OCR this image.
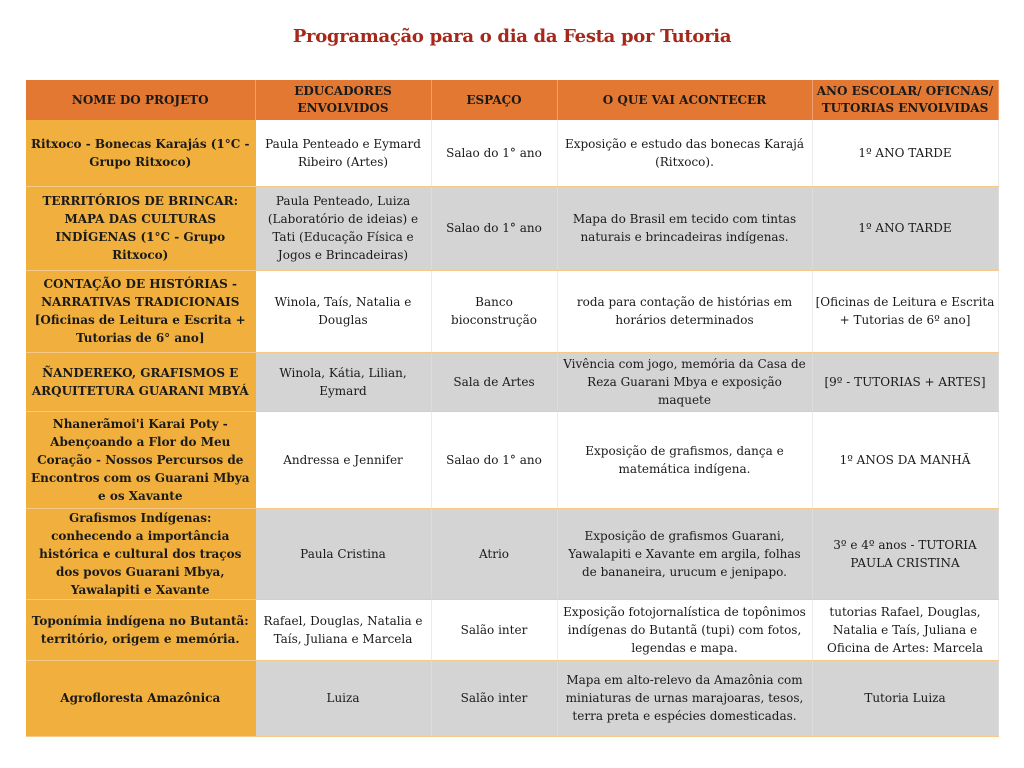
Programação para o dia da Festa por Tutoria
NOME DO PROJETO	EDUCADORES ENVOLVIDOS	ESPAÇO	O QUE VAI ACONTECER	ANO ESCOLAR/ OFICNAS/ TUTORIAS ENVOLVIDAS
Ritxoco - Bonecas Karajás (1°C - Grupo Ritxoco)	Paula Penteado e Eymard Ribeiro (Artes)	Salao do 1° ano	Exposição e estudo das bonecas Karajá (Ritxoco).	1º ANO TARDE
TERRITÓRIOS DE BRINCAR: MAPA DAS CULTURAS INDÍGENAS (1°C - Grupo Ritxoco)	Paula Penteado, Luiza (Laboratório de ideias) e Tati (Educação Física e Jogos e Brincadeiras)	Salao do 1° ano	Mapa do Brasil em tecido com tintas naturais e brincadeiras indígenas.	1º ANO TARDE
CONTAÇÃO DE HISTÓRIAS - NARRATIVAS TRADICIONAIS [Oficinas de Leitura e Escrita + Tutorias de 6° ano]	Winola, Taís, Natalia e Douglas	Banco bioconstrução	roda para contação de histórias em horários determinados	[Oficinas de Leitura e Escrita + Tutorias de 6º ano]
ÑANDEREKO, GRAFISMOS E ARQUITETURA GUARANI MBYÁ	Winola, Kátia, Lilian, Eymard	Sala de Artes	Vivência com jogo, memória da Casa de Reza Guarani Mbya e exposição maquete	[9º - TUTORIAS + ARTES]
Nhanerãmoi'i Karai Poty - Abençoando a Flor do Meu Coração - Nossos Percursos de Encontros com os Guarani Mbya e os Xavante	Andressa e Jennifer	Salao do 1° ano	Exposição de grafismos, dança e matemática indígena.	1º ANOS DA MANHÃ
Grafismos Indígenas: conhecendo a importância histórica e cultural dos traços dos povos Guarani Mbya, Yawalapiti e Xavante	Paula Cristina	Atrio	Exposição de grafismos Guarani, Yawalapiti e Xavante em argila, folhas de bananeira, urucum e jenipapo.	3º e 4º anos - TUTORIA PAULA CRISTINA
Toponímia indígena no Butantã: território, origem e memória.	Rafael, Douglas, Natalia e Taís, Juliana e Marcela	Salão inter	Exposição fotojornalística de topônimos indígenas do Butantã (tupi) com fotos, legendas e mapa.	tutorias Rafael, Douglas, Natalia e Taís, Juliana e Oficina de Artes: Marcela
Agrofloresta Amazônica	Luiza	Salão inter	Mapa em alto-relevo da Amazônia com miniaturas de urnas marajoaras, tesos, terra preta e espécies domesticadas.	Tutoria Luiza
